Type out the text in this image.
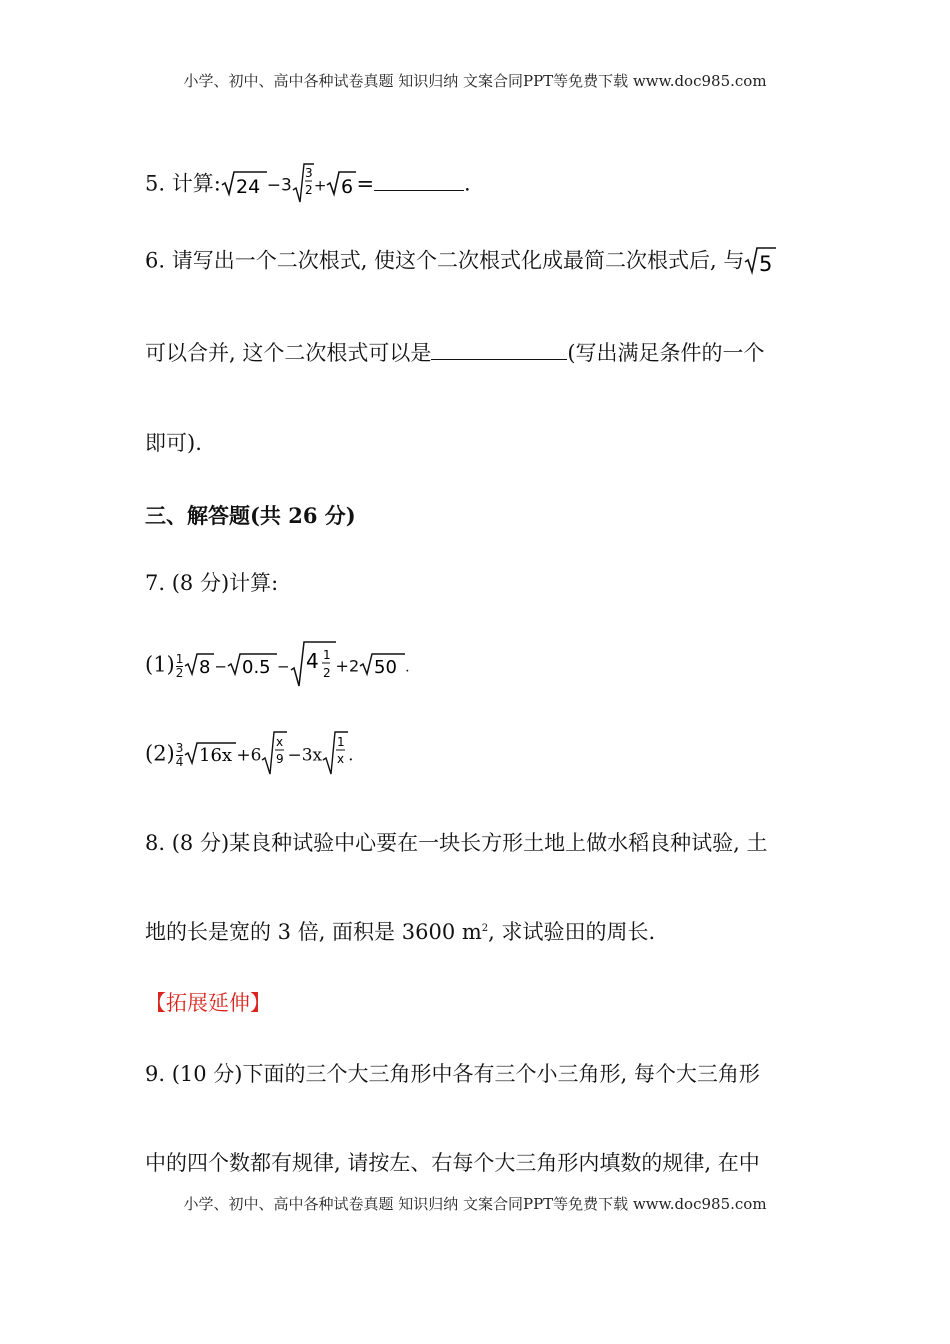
小学、初中、高中各种试卷真题 知识归纳 文案合同PPT等免费下载 www.doc985.com
5. 计算: 24 −3
3
2 + 6 =	.
6. 请写出一个二次根式, 使这个二次根式化成最简二次根式后, 与 5
可以合并, 这个二次根式可以是	(写出满足条件的一个
即可).
三、解答题(共 26 分)
7. (8 分)计算:
$(1) \frac{1}{2} 8 - 0.5 - 4$ 1
2 +2 50 .
$(2) \frac{3}{4} 16x +6$
x
9 −3x
1
x .
8. (8 分)某良种试验中心要在一块长方形土地上做水稻良种试验, 土
地的长是宽的 3 倍, 面积是 3600 $m^2$, 求试验田的周长.
【拓展延伸】
9. (10 分)下面的三个大三角形中各有三个小三角形, 每个大三角形
中的四个数都有规律, 请按左、右每个大三角形内填数的规律, 在中
小学、初中、高中各种试卷真题 知识归纳 文案合同PPT等免费下载 www.doc985.com
